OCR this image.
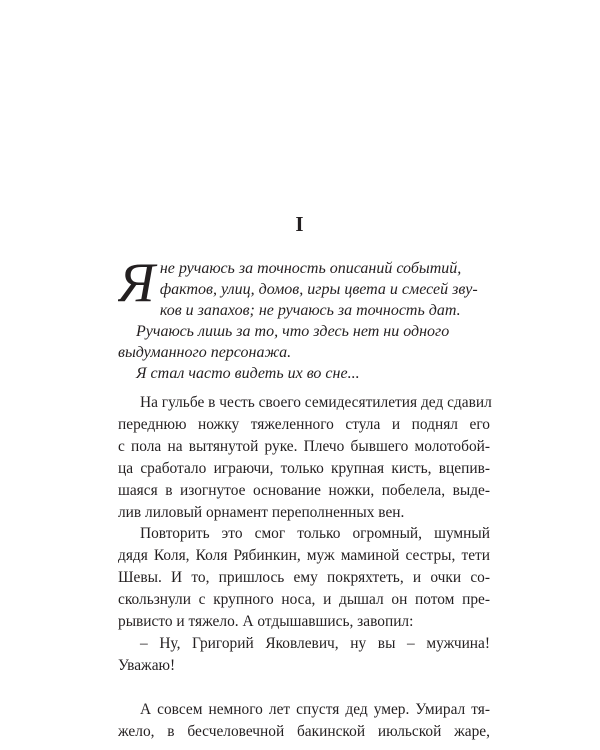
I
Я не ручаюсь за точность описаний событий,
фактов, улиц, домов, игры цвета и смесей зву-
ков и запахов; не ручаюсь за точность дат.
Ручаюсь лишь за то, что здесь нет ни одного
выдуманного персонажа.
Я стал часто видеть их во сне...
На гульбе в честь своего семидесятилетия дед сдавил
переднюю ножку тяжеленного стула и поднял его
с пола на вытянутой руке. Плечо бывшего молотобой-
ца сработало играючи, только крупная кисть, вцепив-
шаяся в изогнутое основание ножки, побелела, выде-
лив лиловый орнамент переполненных вен.
Повторить это смог только огромный, шумный
дядя Коля, Коля Рябинкин, муж маминой сестры, тети
Шевы. И то, пришлось ему покряхтеть, и очки со-
скользнули с крупного носа, и дышал он потом пре-
рывисто и тяжело. А отдышавшись, завопил:
– Ну, Григорий Яковлевич, ну вы – мужчина!
Уважаю!
А совсем немного лет спустя дед умер. Умирал тя-
жело, в бесчеловечной бакинской июльской жаре,
